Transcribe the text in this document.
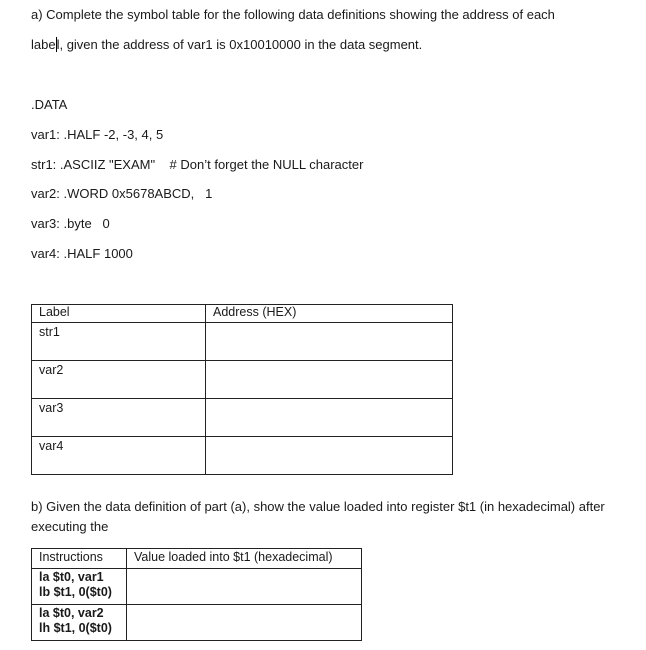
a) Complete the symbol table for the following data definitions showing the address of each
label, given the address of var1 is 0x10010000 in the data segment.
.DATA
var1: .HALF -2, -3, 4, 5
str1: .ASCIIZ "EXAM"    # Don’t forget the NULL character
var2: .WORD 0x5678ABCD,   1
var3: .byte   0
var4: .HALF 1000
Label	Address (HEX)
str1	
var2	
var3	
var4	
b) Given the data definition of part (a), show the value loaded into register $t1 (in hexadecimal) after
executing the
Instructions	Value loaded into $t1 (hexadecimal)

la $t0, var1
lb $t1, 0($t0)	

la $t0, var2
lh $t1, 0($t0)	
